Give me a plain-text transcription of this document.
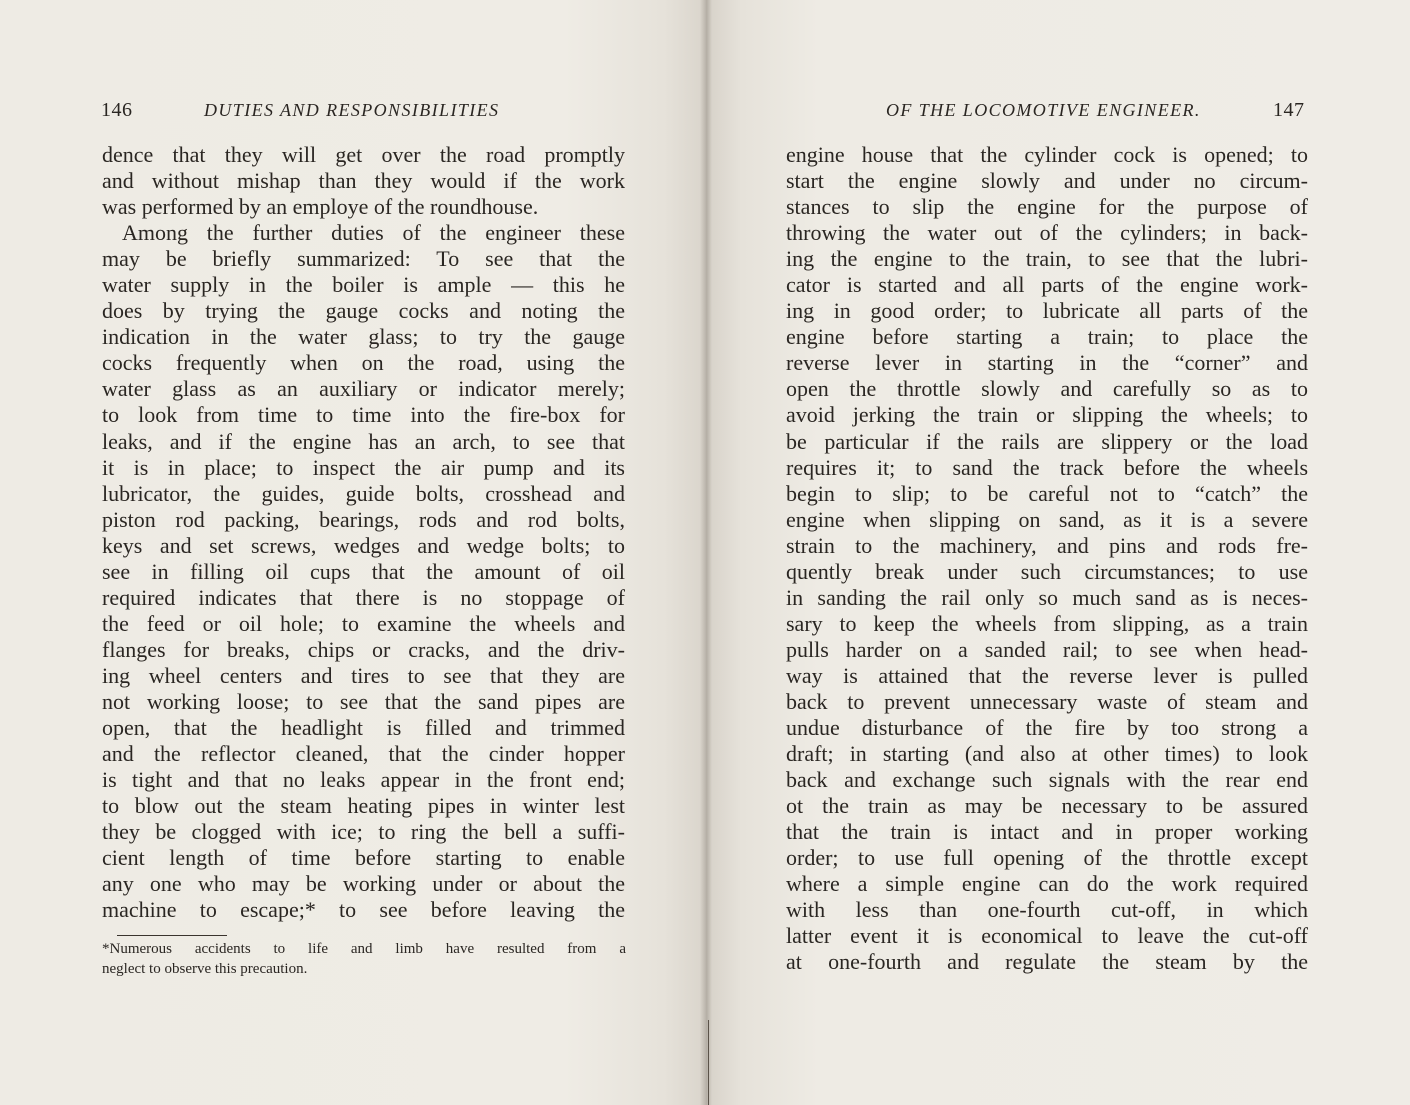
146	DUTIES AND RESPONSIBILITIES
dence that they will get over the road promptly
and without mishap than they would if the work
was performed by an employe of the roundhouse.
Among the further duties of the engineer these
may be briefly summarized: To see that the
water supply in the boiler is ample — this he
does by trying the gauge cocks and noting the
indication in the water glass; to try the gauge
cocks frequently when on the road, using the
water glass as an auxiliary or indicator merely;
to look from time to time into the fire-box for
leaks, and if the engine has an arch, to see that
it is in place; to inspect the air pump and its
lubricator, the guides, guide bolts, crosshead and
piston rod packing, bearings, rods and rod bolts,
keys and set screws, wedges and wedge bolts; to
see in filling oil cups that the amount of oil
required indicates that there is no stoppage of
the feed or oil hole; to examine the wheels and
flanges for breaks, chips or cracks, and the driv-
ing wheel centers and tires to see that they are
not working loose; to see that the sand pipes are
open, that the headlight is filled and trimmed
and the reflector cleaned, that the cinder hopper
is tight and that no leaks appear in the front end;
to blow out the steam heating pipes in winter lest
they be clogged with ice; to ring the bell a suffi-
cient length of time before starting to enable
any one who may be working under or about the
machine to escape;* to see before leaving the
*Numerous accidents to life and limb have resulted from a
neglect to observe this precaution.
OF THE LOCOMOTIVE ENGINEER.	147
engine house that the cylinder cock is opened; to
start the engine slowly and under no circum-
stances to slip the engine for the purpose of
throwing the water out of the cylinders; in back-
ing the engine to the train, to see that the lubri-
cator is started and all parts of the engine work-
ing in good order; to lubricate all parts of the
engine before starting a train; to place the
reverse lever in starting in the “corner” and
open the throttle slowly and carefully so as to
avoid jerking the train or slipping the wheels; to
be particular if the rails are slippery or the load
requires it; to sand the track before the wheels
begin to slip; to be careful not to “catch” the
engine when slipping on sand, as it is a severe
strain to the machinery, and pins and rods fre-
quently break under such circumstances; to use
in sanding the rail only so much sand as is neces-
sary to keep the wheels from slipping, as a train
pulls harder on a sanded rail; to see when head-
way is attained that the reverse lever is pulled
back to prevent unnecessary waste of steam and
undue disturbance of the fire by too strong a
draft; in starting (and also at other times) to look
back and exchange such signals with the rear end
ot the train as may be necessary to be assured
that the train is intact and in proper working
order; to use full opening of the throttle except
where a simple engine can do the work required
with less than one-fourth cut-off, in which
latter event it is economical to leave the cut-off
at one-fourth and regulate the steam by the
